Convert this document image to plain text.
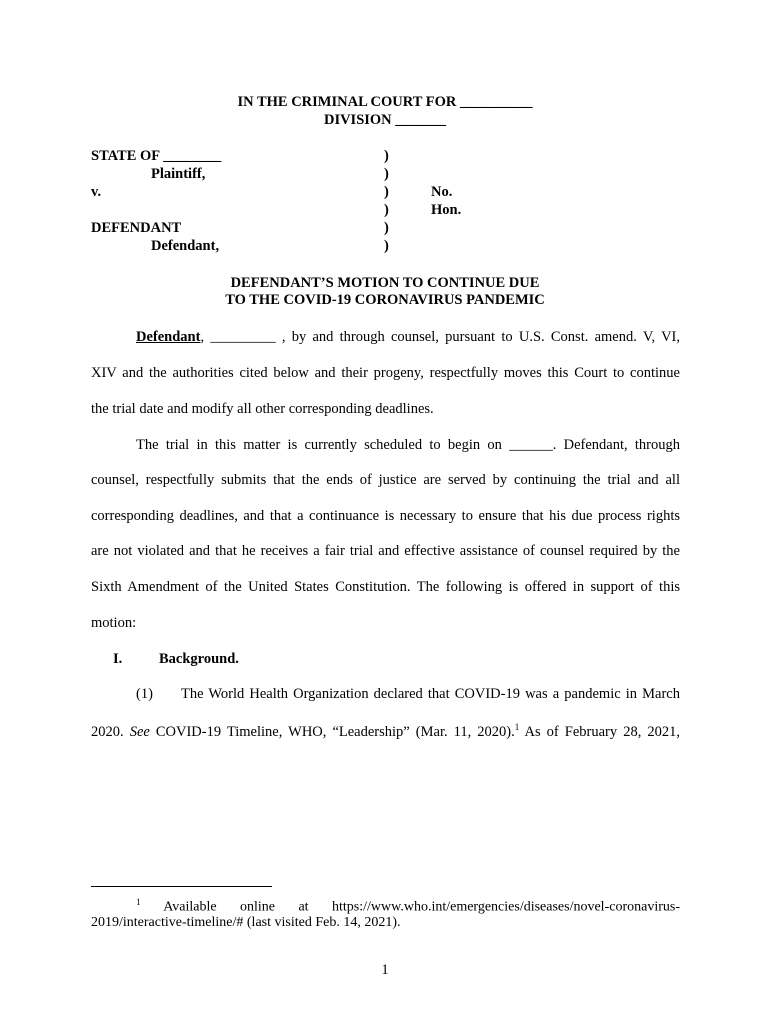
IN THE CRIMINAL COURT FOR __________
DIVISION _______
STATE OF ________
Plaintiff,
v.
DEFENDANT
Defendant,
)
)
)
)
)
)
No.
Hon.
DEFENDANT’S MOTION TO CONTINUE DUE
TO THE COVID-19 CORONAVIRUS PANDEMIC
Defendant, _________ , by and through counsel, pursuant to U.S. Const. amend. V, VI,
XIV and the authorities cited below and their progeny, respectfully moves this Court to continue
the trial date and modify all other corresponding deadlines.
The trial in this matter is currently scheduled to begin on ______. Defendant, through
counsel, respectfully submits that the ends of justice are served by continuing the trial and all
corresponding deadlines, and that a continuance is necessary to ensure that his due process rights
are not violated and that he receives a fair trial and effective assistance of counsel required by the
Sixth Amendment of the United States Constitution. The following is offered in support of this
motion:
I.	Background.
(1) The World Health Organization declared that COVID-19 was a pandemic in March
2020. See COVID-19 Timeline, WHO, “Leadership” (Mar. 11, 2020).$^1$ As of February 28, 2021,
$^1$ Available online at https://www.who.int/emergencies/diseases/novel-coronavirus-
2019/interactive-timeline/# (last visited Feb. 14, 2021).
1
